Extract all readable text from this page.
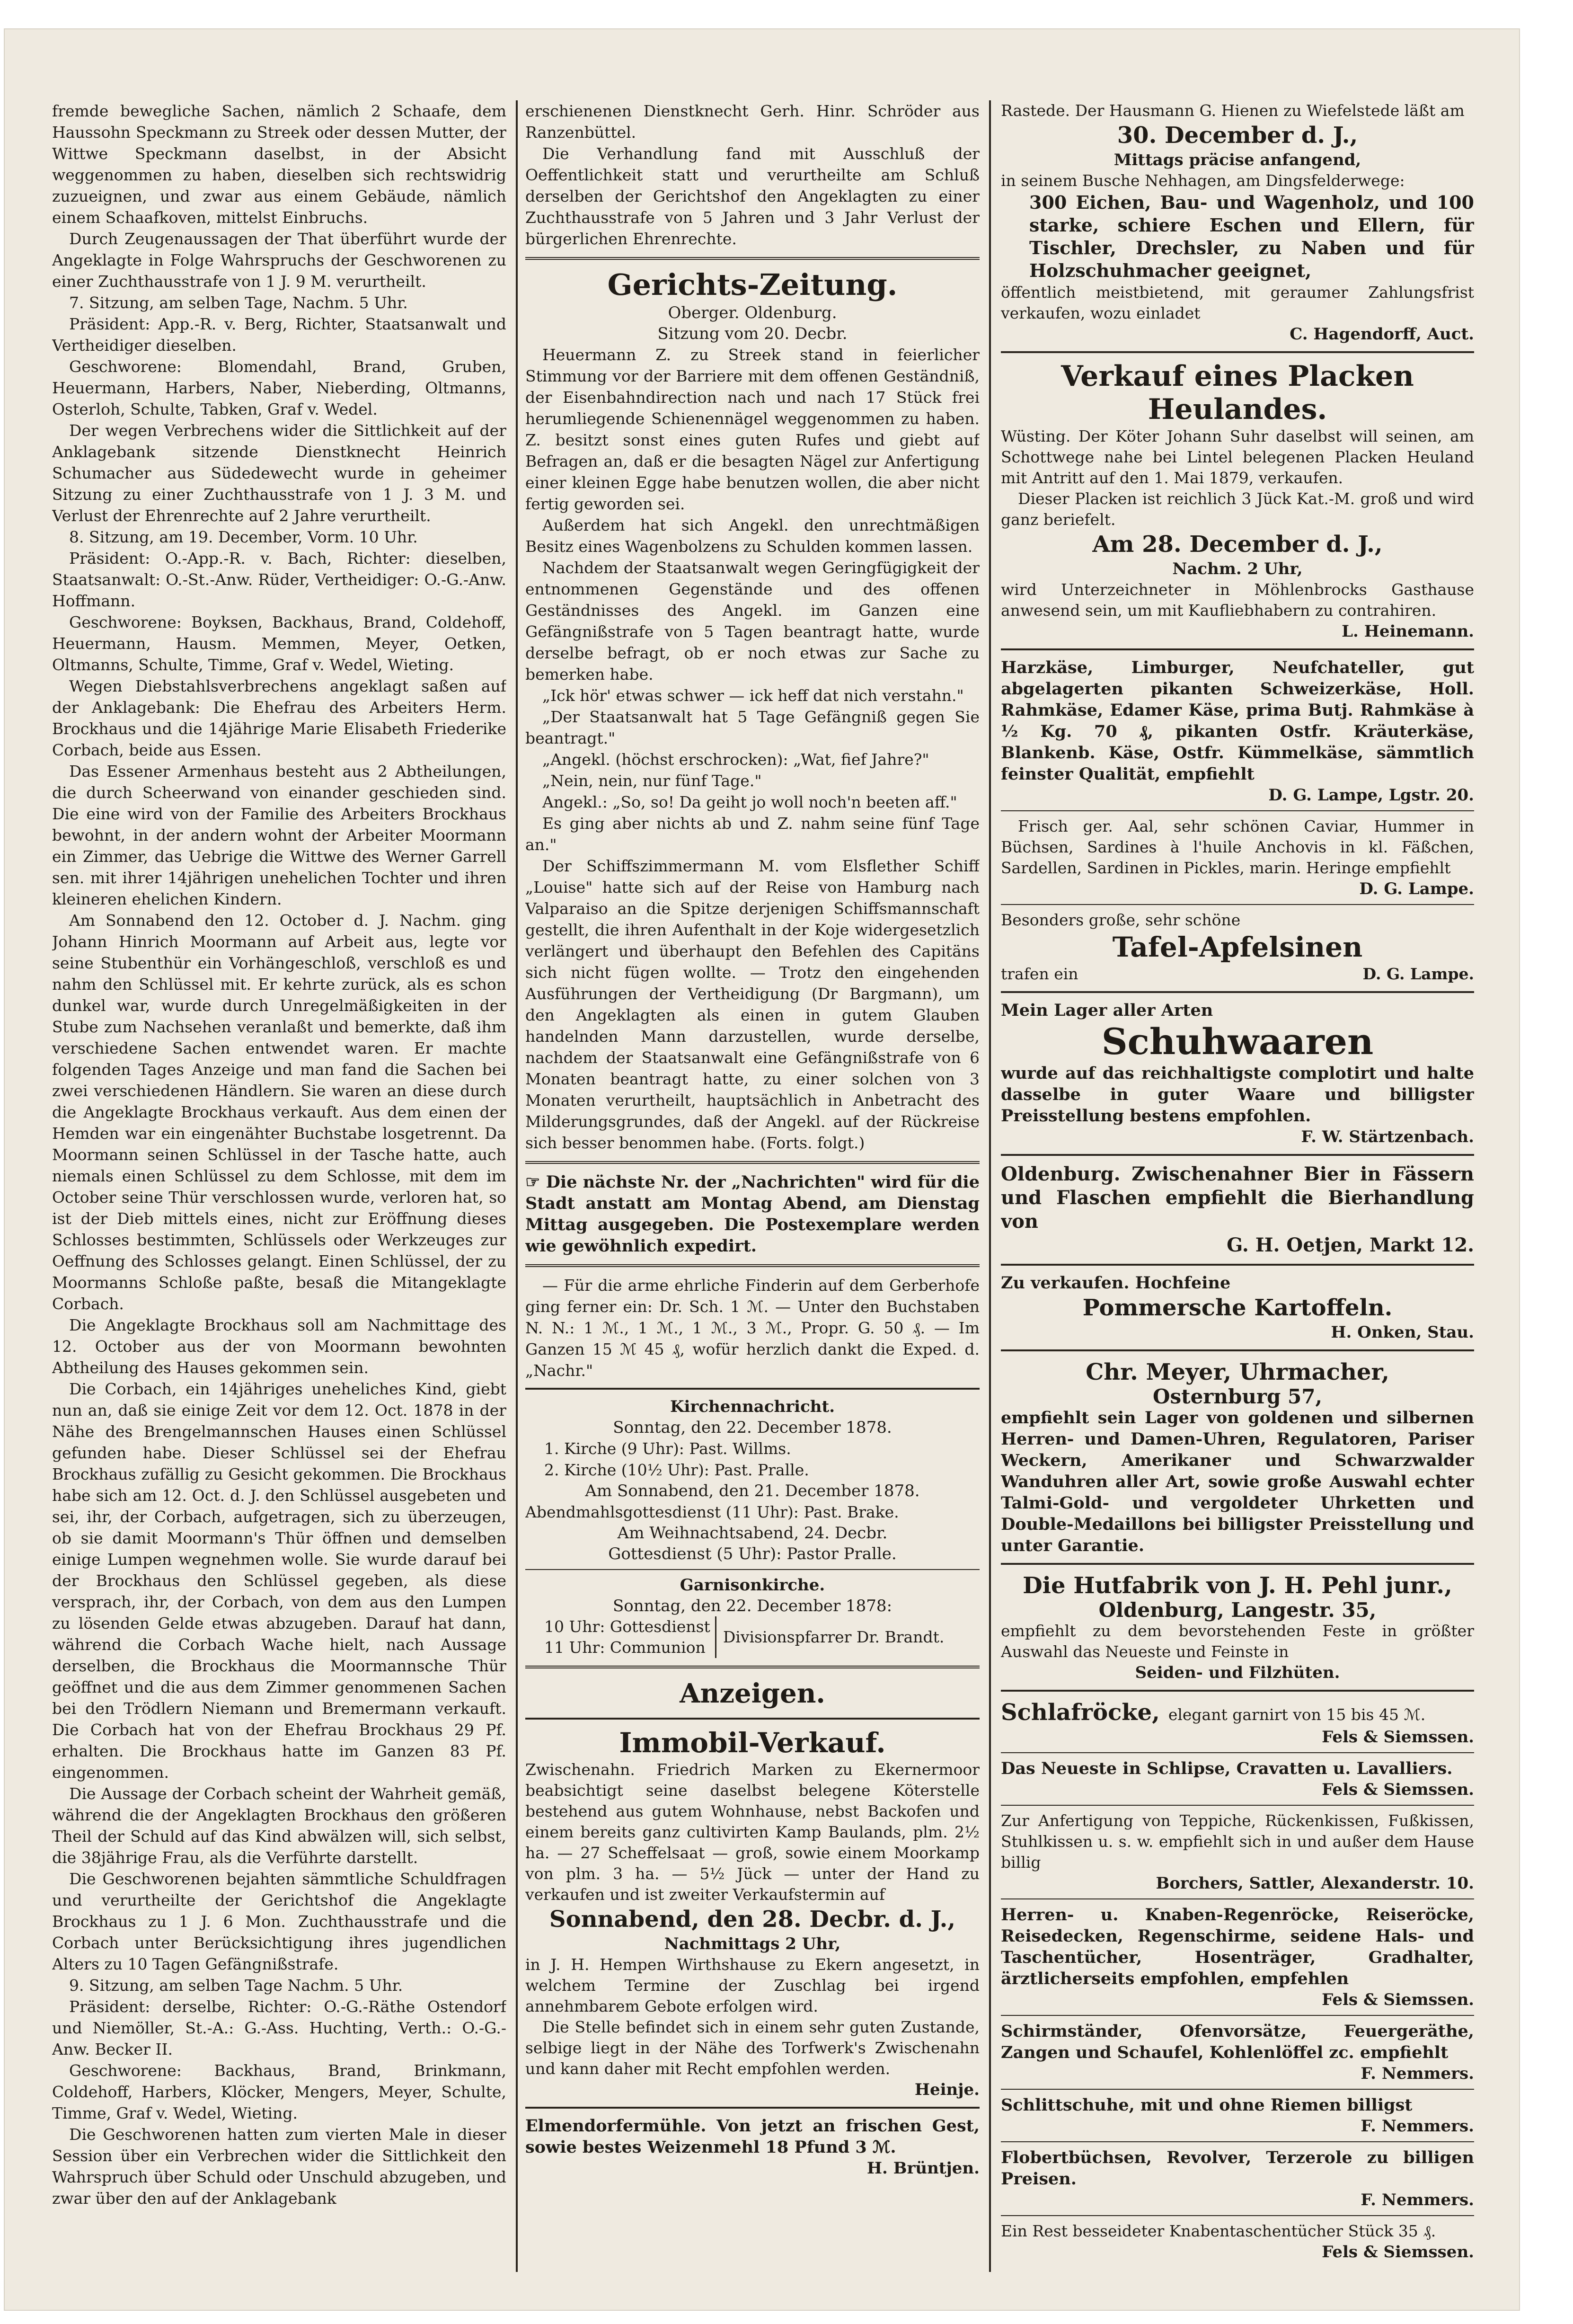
fremde bewegliche Sachen, nämlich 2 Schaafe, dem Haussohn Speckmann zu Streek oder dessen Mutter, der Wittwe Speckmann daselbst, in der Absicht weggenommen zu haben, dieselben sich rechtswidrig zuzueignen, und zwar aus einem Gebäude, nämlich einem Schaafkoven, mittelst Einbruchs.

Durch Zeugenaussagen der That überführt wurde der Angeklagte in Folge Wahrspruchs der Geschworenen zu einer Zuchthausstrafe von 1 J. 9 M. verurtheilt.

7. Sitzung, am selben Tage, Nachm. 5 Uhr.

Präsident: App.-R. v. Berg, Richter, Staatsanwalt und Vertheidiger dieselben.

Geschworene: Blomendahl, Brand, Gruben, Heuermann, Harbers, Naber, Nieberding, Oltmanns, Osterloh, Schulte, Tabken, Graf v. Wedel.

Der wegen Verbrechens wider die Sittlichkeit auf der Anklagebank sitzende Dienstknecht Heinrich Schumacher aus Südedewecht wurde in geheimer Sitzung zu einer Zuchthausstrafe von 1 J. 3 M. und Verlust der Ehrenrechte auf 2 Jahre verurtheilt.

8. Sitzung, am 19. December, Vorm. 10 Uhr.

Präsident: O.-App.-R. v. Bach, Richter: dieselben, Staatsanwalt: O.-St.-Anw. Rüder, Vertheidiger: O.-G.-Anw. Hoffmann.

Geschworene: Boyksen, Backhaus, Brand, Coldehoff, Heuermann, Hausm. Memmen, Meyer, Oetken, Oltmanns, Schulte, Timme, Graf v. Wedel, Wieting.

Wegen Diebstahlsverbrechens angeklagt saßen auf der Anklagebank: Die Ehefrau des Arbeiters Herm. Brockhaus und die 14jährige Marie Elisabeth Friederike Corbach, beide aus Essen.

Das Essener Armenhaus besteht aus 2 Abtheilungen, die durch Scheerwand von einander geschieden sind. Die eine wird von der Familie des Arbeiters Brockhaus bewohnt, in der andern wohnt der Arbeiter Moormann ein Zimmer, das Uebrige die Wittwe des Werner Garrell sen. mit ihrer 14jährigen unehelichen Tochter und ihren kleineren ehelichen Kindern.

Am Sonnabend den 12. October d. J. Nachm. ging Johann Hinrich Moormann auf Arbeit aus, legte vor seine Stubenthür ein Vorhängeschloß, verschloß es und nahm den Schlüssel mit. Er kehrte zurück, als es schon dunkel war, wurde durch Unregelmäßigkeiten in der Stube zum Nachsehen veranlaßt und bemerkte, daß ihm verschiedene Sachen entwendet waren. Er machte folgenden Tages Anzeige und man fand die Sachen bei zwei verschiedenen Händlern. Sie waren an diese durch die Angeklagte Brockhaus verkauft. Aus dem einen der Hemden war ein eingenähter Buchstabe losgetrennt. Da Moormann seinen Schlüssel in der Tasche hatte, auch niemals einen Schlüssel zu dem Schlosse, mit dem im October seine Thür verschlossen wurde, verloren hat, so ist der Dieb mittels eines, nicht zur Eröffnung dieses Schlosses bestimmten, Schlüssels oder Werkzeuges zur Oeffnung des Schlosses gelangt. Einen Schlüssel, der zu Moormanns Schloße paßte, besaß die Mitangeklagte Corbach.

Die Angeklagte Brockhaus soll am Nachmittage des 12. October aus der von Moormann bewohnten Abtheilung des Hauses gekommen sein.

Die Corbach, ein 14jähriges uneheliches Kind, giebt nun an, daß sie einige Zeit vor dem 12. Oct. 1878 in der Nähe des Brengelmannschen Hauses einen Schlüssel gefunden habe. Dieser Schlüssel sei der Ehefrau Brockhaus zufällig zu Gesicht gekommen. Die Brockhaus habe sich am 12. Oct. d. J. den Schlüssel ausgebeten und sei, ihr, der Corbach, aufgetragen, sich zu überzeugen, ob sie damit Moormann's Thür öffnen und demselben einige Lumpen wegnehmen wolle. Sie wurde darauf bei der Brockhaus den Schlüssel gegeben, als diese versprach, ihr, der Corbach, von dem aus den Lumpen zu lösenden Gelde etwas abzugeben. Darauf hat dann, während die Corbach Wache hielt, nach Aussage derselben, die Brockhaus die Moormannsche Thür geöffnet und die aus dem Zimmer genommenen Sachen bei den Trödlern Niemann und Bremermann verkauft. Die Corbach hat von der Ehefrau Brockhaus 29 Pf. erhalten. Die Brockhaus hatte im Ganzen 83 Pf. eingenommen.

Die Aussage der Corbach scheint der Wahrheit gemäß, während die der Angeklagten Brockhaus den größeren Theil der Schuld auf das Kind abwälzen will, sich selbst, die 38jährige Frau, als die Verführte darstellt.

Die Geschworenen bejahten sämmtliche Schuldfragen und verurtheilte der Gerichtshof die Angeklagte Brockhaus zu 1 J. 6 Mon. Zuchthausstrafe und die Corbach unter Berücksichtigung ihres jugendlichen Alters zu 10 Tagen Gefängnißstrafe.

9. Sitzung, am selben Tage Nachm. 5 Uhr.

Präsident: derselbe, Richter: O.-G.-Räthe Ostendorf und Niemöller, St.-A.: G.-Ass. Huchting, Verth.: O.-G.-Anw. Becker II.

Geschworene: Backhaus, Brand, Brinkmann, Coldehoff, Harbers, Klöcker, Mengers, Meyer, Schulte, Timme, Graf v. Wedel, Wieting.

Die Geschworenen hatten zum vierten Male in dieser Session über ein Verbrechen wider die Sittlichkeit den Wahrspruch über Schuld oder Unschuld abzugeben, und zwar über den auf der Anklagebank

erschienenen Dienstknecht Gerh. Hinr. Schröder aus Ranzenbüttel.

Die Verhandlung fand mit Ausschluß der Oeffentlichkeit statt und verurtheilte am Schluß derselben der Gerichtshof den Angeklagten zu einer Zuchthausstrafe von 5 Jahren und 3 Jahr Verlust der bürgerlichen Ehrenrechte.

Gerichts-Zeitung.
Oberger. Oldenburg.
Sitzung vom 20. Decbr.

Heuermann Z. zu Streek stand in feierlicher Stimmung vor der Barriere mit dem offenen Geständniß, der Eisenbahndirection nach und nach 17 Stück frei herumliegende Schienennägel weggenommen zu haben. Z. besitzt sonst eines guten Rufes und giebt auf Befragen an, daß er die besagten Nägel zur Anfertigung einer kleinen Egge habe benutzen wollen, die aber nicht fertig geworden sei.

Außerdem hat sich Angekl. den unrechtmäßigen Besitz eines Wagenbolzens zu Schulden kommen lassen.

Nachdem der Staatsanwalt wegen Geringfügigkeit der entnommenen Gegenstände und des offenen Geständnisses des Angekl. im Ganzen eine Gefängnißstrafe von 5 Tagen beantragt hatte, wurde derselbe befragt, ob er noch etwas zur Sache zu bemerken habe.

„Ick hör' etwas schwer — ick heff dat nich verstahn."

„Der Staatsanwalt hat 5 Tage Gefängniß gegen Sie beantragt."

„Angekl. (höchst erschrocken): „Wat, fief Jahre?"

„Nein, nein, nur fünf Tage."

Angekl.: „So, so! Da geiht jo woll noch'n beeten aff."

Es ging aber nichts ab und Z. nahm seine fünf Tage an."

Der Schiffszimmermann M. vom Elsflether Schiff „Louise" hatte sich auf der Reise von Hamburg nach Valparaiso an die Spitze derjenigen Schiffsmannschaft gestellt, die ihren Aufenthalt in der Koje widergesetzlich verlängert und überhaupt den Befehlen des Capitäns sich nicht fügen wollte. — Trotz den eingehenden Ausführungen der Vertheidigung (Dr Bargmann), um den Angeklagten als einen in gutem Glauben handelnden Mann darzustellen, wurde derselbe, nachdem der Staatsanwalt eine Gefängnißstrafe von 6 Monaten beantragt hatte, zu einer solchen von 3 Monaten verurtheilt, hauptsächlich in Anbetracht des Milderungsgrundes, daß der Angekl. auf der Rückreise sich besser benommen habe. (Forts. folgt.)

☞ Die nächste Nr. der „Nachrichten" wird für die Stadt anstatt am Montag Abend, am Dienstag Mittag ausgegeben. Die Postexemplare werden wie gewöhnlich expedirt.

— Für die arme ehrliche Finderin auf dem Gerberhofe ging ferner ein: Dr. Sch. 1 ℳ. — Unter den Buchstaben N. N.: 1 ℳ., 1 ℳ., 1 ℳ., 3 ℳ., Propr. G. 50 ₰. — Im Ganzen 15 ℳ 45 ₰, wofür herzlich dankt die Exped. d. „Nachr."

Kirchennachricht.
Sonntag, den 22. December 1878.

1. Kirche (9 Uhr): Past. Willms.

2. Kirche (10½ Uhr): Past. Pralle.

Am Sonnabend, den 21. December 1878.

Abendmahlsgottesdienst (11 Uhr): Past. Brake.

Am Weihnachtsabend, 24. Decbr.
Gottesdienst (5 Uhr): Pastor Pralle.
Garnisonkirche.
Sonntag, den 22. December 1878:
10 Uhr: Gottesdienst
11 Uhr: Communion
Divisionspfarrer Dr. Brandt.
Anzeigen.
Immobil-Verkauf.

Zwischenahn. Friedrich Marken zu Ekernermoor beabsichtigt seine daselbst belegene Köterstelle bestehend aus gutem Wohnhause, nebst Backofen und einem bereits ganz cultivirten Kamp Baulands, plm. 2½ ha. — 27 Scheffelsaat — groß, sowie einem Moorkamp von plm. 3 ha. — 5½ Jück — unter der Hand zu verkaufen und ist zweiter Verkaufstermin auf

Sonnabend, den 28. Decbr. d. J.,
Nachmittags 2 Uhr,

in J. H. Hempen Wirthshause zu Ekern angesetzt, in welchem Termine der Zuschlag bei irgend annehmbarem Gebote erfolgen wird.

Die Stelle befindet sich in einem sehr guten Zustande, selbige liegt in der Nähe des Torfwerk's Zwischenahn und kann daher mit Recht empfohlen werden.

Heinje.

Elmendorfermühle. Von jetzt an frischen Gest, sowie bestes Weizenmehl 18 Pfund 3 ℳ.

H. Brüntjen.

Rastede. Der Hausmann G. Hienen zu Wiefelstede läßt am

30. December d. J.,
Mittags präcise anfangend,

in seinem Busche Nehhagen, am Dingsfelderwege:

300 Eichen, Bau- und Wagenholz, und 100 starke, schiere Eschen und Ellern, für Tischler, Drechsler, zu Naben und für Holzschuhmacher geeignet,

öffentlich meistbietend, mit geraumer Zahlungsfrist verkaufen, wozu einladet

C. Hagendorff, Auct.
Verkauf eines Placken Heulandes.

Wüsting. Der Köter Johann Suhr daselbst will seinen, am Schottwege nahe bei Lintel belegenen Placken Heuland mit Antritt auf den 1. Mai 1879, verkaufen.

Dieser Placken ist reichlich 3 Jück Kat.-M. groß und wird ganz beriefelt.

Am 28. December d. J.,
Nachm. 2 Uhr,

wird Unterzeichneter in Möhlenbrocks Gasthause anwesend sein, um mit Kaufliebhabern zu contrahiren.

L. Heinemann.

Harzkäse, Limburger, Neufchateller, gut abgelagerten pikanten Schweizerkäse, Holl. Rahmkäse, Edamer Käse, prima Butj. Rahmkäse à ½ Kg. 70 ₰, pikanten Ostfr. Kräuterkäse, Blankenb. Käse, Ostfr. Kümmelkäse, sämmtlich feinster Qualität, empfiehlt

D. G. Lampe, Lgstr. 20.

Frisch ger. Aal, sehr schönen Caviar, Hummer in Büchsen, Sardines à l'huile Anchovis in kl. Fäßchen, Sardellen, Sardinen in Pickles, marin. Heringe empfiehlt

D. G. Lampe.

Besonders große, sehr schöne

Tafel-Apfelsinen
trafen ein	D. G. Lampe.

Mein Lager aller Arten

Schuhwaaren

wurde auf das reichhaltigste complotirt und halte dasselbe in guter Waare und billigster Preisstellung bestens empfohlen.

F. W. Stärtzenbach.

Oldenburg. Zwischenahner Bier in Fässern und Flaschen empfiehlt die Bierhandlung von

G. H. Oetjen, Markt 12.

Zu verkaufen. Hochfeine

Pommersche Kartoffeln.
H. Onken, Stau.
Chr. Meyer, Uhrmacher,
Osternburg 57,

empfiehlt sein Lager von goldenen und silbernen Herren- und Damen-Uhren, Regulatoren, Pariser Weckern, Amerikaner und Schwarzwalder Wanduhren aller Art, sowie große Auswahl echter Talmi-Gold- und vergoldeter Uhrketten und Double-Medaillons bei billigster Preisstellung und unter Garantie.

Die Hutfabrik von J. H. Pehl junr.,
Oldenburg, Langestr. 35,

empfiehlt zu dem bevorstehenden Feste in größter Auswahl das Neueste und Feinste in

Seiden- und Filzhüten.
Schlafröcke, elegant garnirt von 15 bis 45 ℳ.
Fels & Siemssen.

Das Neueste in Schlipse, Cravatten u. Lavalliers.

Fels & Siemssen.

Zur Anfertigung von Teppiche, Rückenkissen, Fußkissen, Stuhlkissen u. s. w. empfiehlt sich in und außer dem Hause billig

Borchers, Sattler, Alexanderstr. 10.

Herren- u. Knaben-Regenröcke, Reiseröcke, Reisedecken, Regenschirme, seidene Hals- und Taschentücher, Hosenträger, Gradhalter, ärztlicherseits empfohlen, empfehlen

Fels & Siemssen.

Schirmständer, Ofenvorsätze, Feuergeräthe, Zangen und Schaufel, Kohlenlöffel zc. empfiehlt

F. Nemmers.

Schlittschuhe, mit und ohne Riemen billigst

F. Nemmers.

Flobertbüchsen, Revolver, Terzerole zu billigen Preisen.

F. Nemmers.

Ein Rest besseideter Knabentaschentücher Stück 35 ₰.

Fels & Siemssen.
